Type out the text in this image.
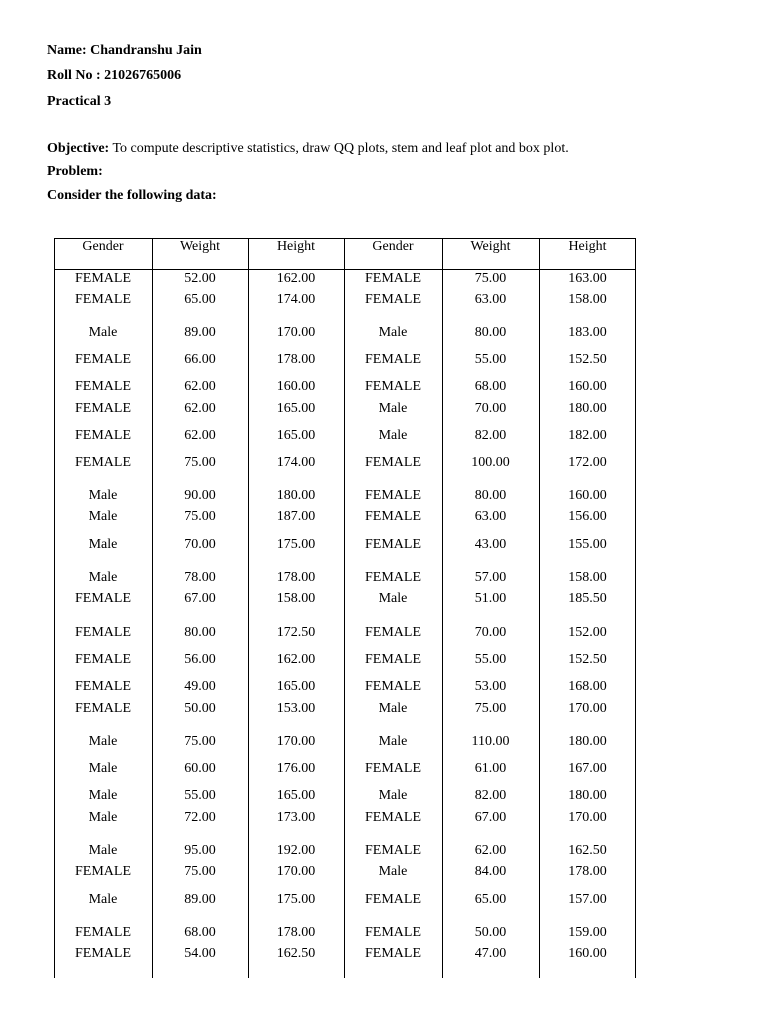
Name: Chandranshu Jain
Roll No : 21026765006
Practical 3
Objective: To compute descriptive statistics, draw QQ plots, stem and leaf plot and box plot.
Problem:
Consider the following data:
Gender	Weight	Height	Gender	Weight	Height
FEMALE	52.00	162.00	FEMALE	75.00	163.00
FEMALE	65.00	174.00	FEMALE	63.00	158.00
Male	89.00	170.00	Male	80.00	183.00
FEMALE	66.00	178.00	FEMALE	55.00	152.50
FEMALE	62.00	160.00	FEMALE	68.00	160.00
FEMALE	62.00	165.00	Male	70.00	180.00
FEMALE	62.00	165.00	Male	82.00	182.00
FEMALE	75.00	174.00	FEMALE	100.00	172.00
Male	90.00	180.00	FEMALE	80.00	160.00
Male	75.00	187.00	FEMALE	63.00	156.00
Male	70.00	175.00	FEMALE	43.00	155.00
Male	78.00	178.00	FEMALE	57.00	158.00
FEMALE	67.00	158.00	Male	51.00	185.50
FEMALE	80.00	172.50	FEMALE	70.00	152.00
FEMALE	56.00	162.00	FEMALE	55.00	152.50
FEMALE	49.00	165.00	FEMALE	53.00	168.00
FEMALE	50.00	153.00	Male	75.00	170.00
Male	75.00	170.00	Male	110.00	180.00
Male	60.00	176.00	FEMALE	61.00	167.00
Male	55.00	165.00	Male	82.00	180.00
Male	72.00	173.00	FEMALE	67.00	170.00
Male	95.00	192.00	FEMALE	62.00	162.50
FEMALE	75.00	170.00	Male	84.00	178.00
Male	89.00	175.00	FEMALE	65.00	157.00
FEMALE	68.00	178.00	FEMALE	50.00	159.00
FEMALE	54.00	162.50	FEMALE	47.00	160.00
